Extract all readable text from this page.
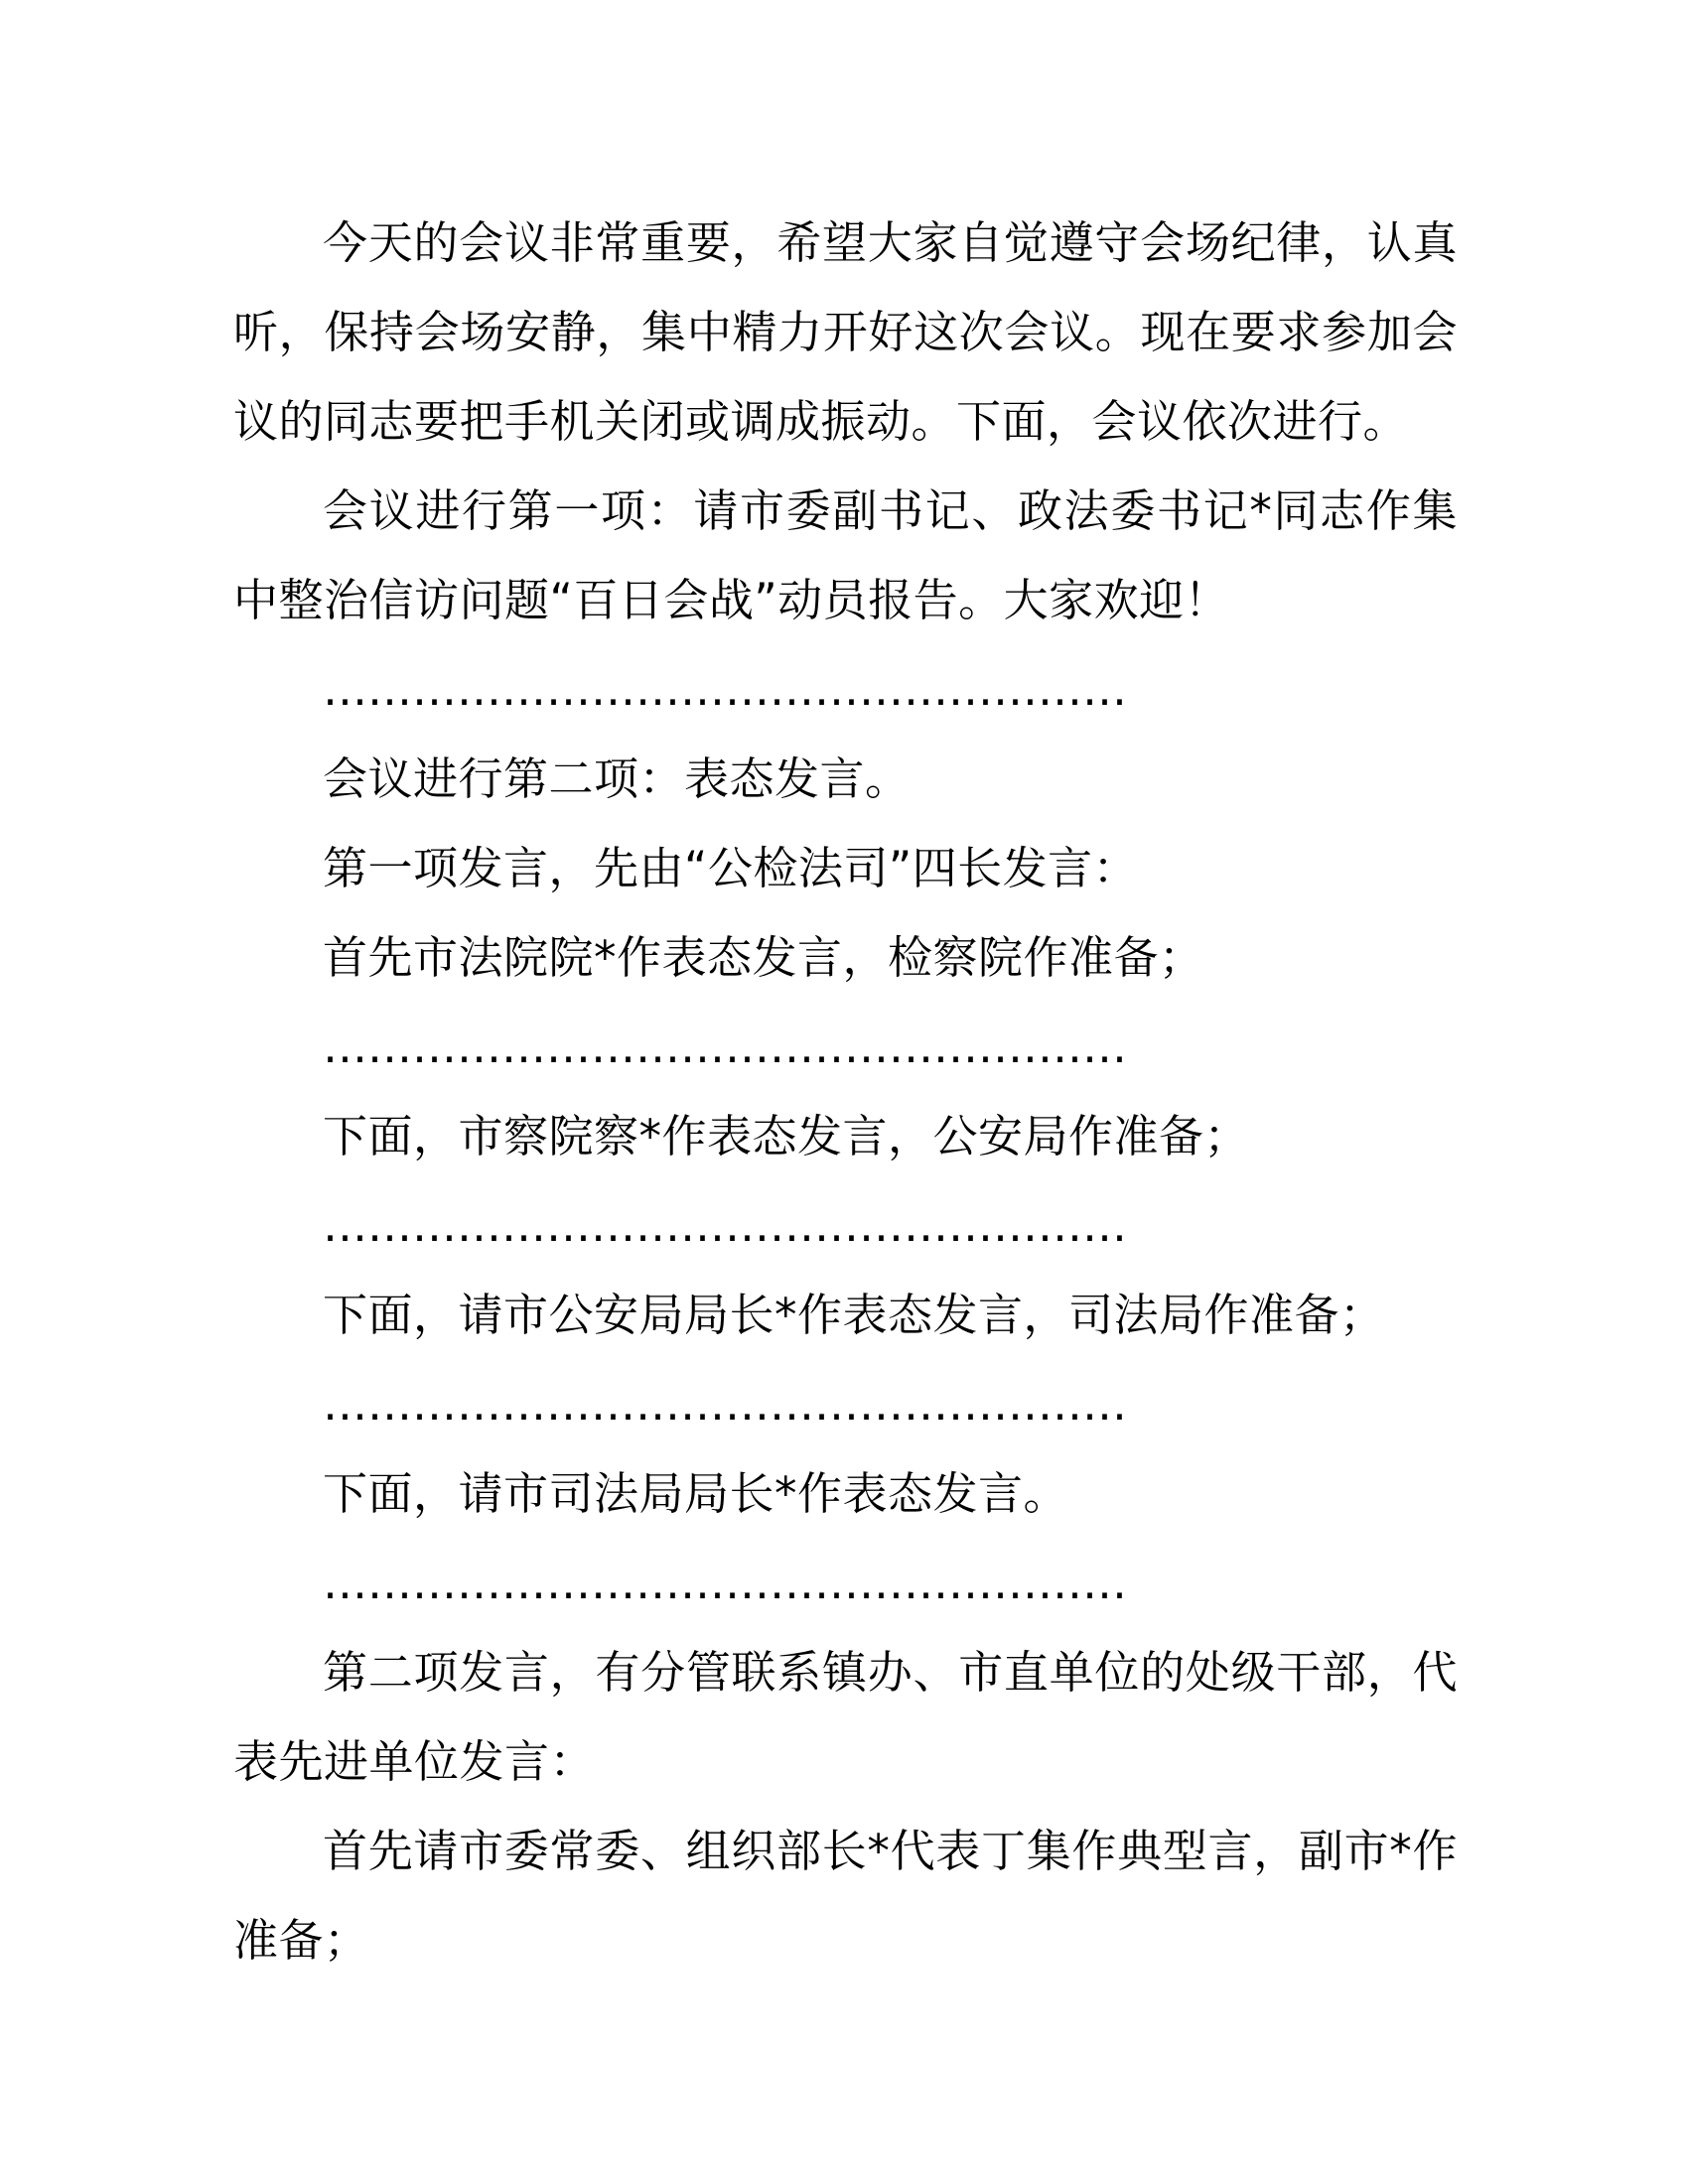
今天的会议非常重要，希望大家自觉遵守会场纪律，认真听，保持会场安静，集中精力开好这次会议。现在要求参加会议的同志要把手机关闭或调成振动。下面，会议依次进行。

会议进行第一项：请市委副书记、政法委书记*同志作集中整治信访问题“百日会战”动员报告。大家欢迎！

………………………………………………

会议进行第二项：表态发言。

第一项发言，先由“公检法司”四长发言：

首先市法院院*作表态发言，检察院作准备；

………………………………………………

下面，市察院察*作表态发言，公安局作准备；

………………………………………………

下面，请市公安局局长*作表态发言，司法局作准备；

………………………………………………

下面，请市司法局局长*作表态发言。

………………………………………………

第二项发言，有分管联系镇办、市直单位的处级干部，代表先进单位发言：

首先请市委常委、组织部长*代表丁集作典型言，副市*作准备；
